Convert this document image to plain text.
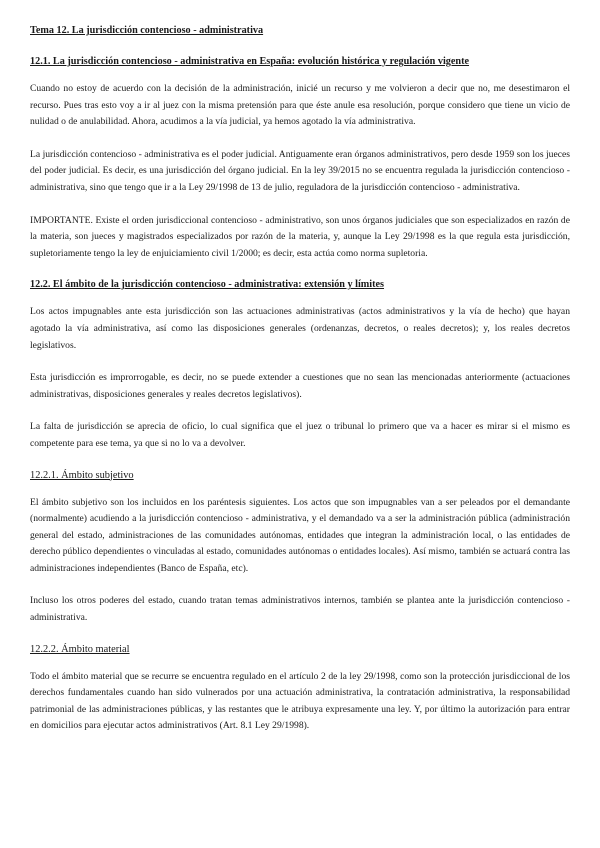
Tema 12. La jurisdicción contencioso - administrativa
12.1. La jurisdicción contencioso - administrativa en España: evolución histórica y regulación vigente

Cuando no estoy de acuerdo con la decisión de la administración, inicié un recurso y me volvieron a decir que no, me desestimaron el recurso. Pues tras esto voy a ir al juez con la misma pretensión para que éste anule esa resolución, porque considero que tiene un vicio de nulidad o de anulabilidad. Ahora, acudimos a la vía judicial, ya hemos agotado la vía administrativa.

La jurisdicción contencioso - administrativa es el poder judicial. Antiguamente eran órganos administrativos, pero desde 1959 son los jueces del poder judicial. Es decir, es una jurisdicción del órgano judicial. En la ley 39/2015 no se encuentra regulada la jurisdicción contencioso - administrativa, sino que tengo que ir a la Ley 29/1998 de 13 de julio, reguladora de la jurisdicción contencioso - administrativa.

IMPORTANTE. Existe el orden jurisdiccional contencioso - administrativo, son unos órganos judiciales que son especializados en razón de la materia, son jueces y magistrados especializados por razón de la materia, y, aunque la Ley 29/1998 es la que regula esta jurisdicción, supletoriamente tengo la ley de enjuiciamiento civil 1/2000; es decir, esta actúa como norma supletoria.

12.2. El ámbito de la jurisdicción contencioso - administrativa: extensión y límites

Los actos impugnables ante esta jurisdicción son las actuaciones administrativas (actos administrativos y la vía de hecho) que hayan agotado la vía administrativa, así como las disposiciones generales (ordenanzas, decretos, o reales decretos); y, los reales decretos legislativos.

Esta jurisdicción es improrrogable, es decir, no se puede extender a cuestiones que no sean las mencionadas anteriormente (actuaciones administrativas, disposiciones generales y reales decretos legislativos).

La falta de jurisdicción se aprecia de oficio, lo cual significa que el juez o tribunal lo primero que va a hacer es mirar si el mismo es competente para ese tema, ya que si no lo va a devolver.

12.2.1. Ámbito subjetivo

El ámbito subjetivo son los incluidos en los paréntesis siguientes. Los actos que son impugnables van a ser peleados por el demandante (normalmente) acudiendo a la jurisdicción contencioso - administrativa, y el demandado va a ser la administración pública (administración general del estado, administraciones de las comunidades autónomas, entidades que integran la administración local, o las entidades de derecho público dependientes o vinculadas al estado, comunidades autónomas o entidades locales). Así mismo, también se actuará contra las administraciones independientes (Banco de España, etc).

Incluso los otros poderes del estado, cuando tratan temas administrativos internos, también se plantea ante la jurisdicción contencioso - administrativa.

12.2.2. Ámbito material

Todo el ámbito material que se recurre se encuentra regulado en el artículo 2 de la ley 29/1998, como son la protección jurisdiccional de los derechos fundamentales cuando han sido vulnerados por una actuación administrativa, la contratación administrativa, la responsabilidad patrimonial de las administraciones públicas, y las restantes que le atribuya expresamente una ley. Y, por último la autorización para entrar en domicilios para ejecutar actos administrativos (Art. 8.1 Ley 29/1998).
